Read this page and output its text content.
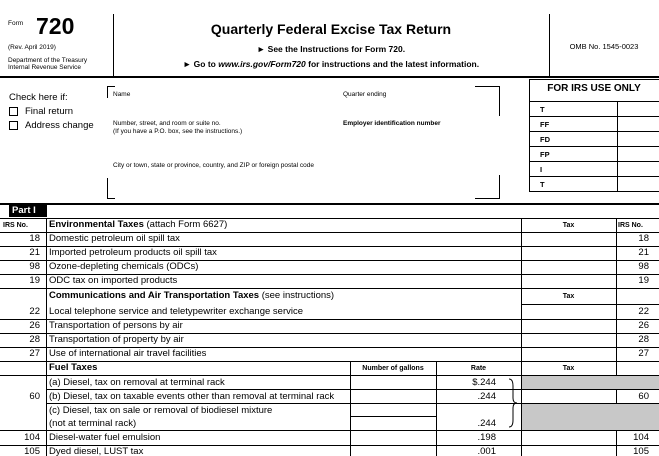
Form 720
(Rev. April 2019)
Department of the Treasury
Internal Revenue Service
Quarterly Federal Excise Tax Return
► See the Instructions for Form 720.
► Go to www.irs.gov/Form720 for instructions and the latest information.
OMB No. 1545-0023
Check here if:
Final return
Address change
Name	Quarter ending
Number, street, and room or suite no.
(If you have a P.O. box, see the instructions.)
Employer identification number
City or town, state or province, country, and ZIP or foreign postal code
FOR IRS USE ONLY
T
FF
FD
FP
I
T
Part I
IRS No. Environmental Taxes (attach Form 6627)	Tax	IRS No.
18 Domestic petroleum oil spill tax	18
21 Imported petroleum products oil spill tax	21
98 Ozone-depleting chemicals (ODCs)	98
19 ODC tax on imported products	19
Communications and Air Transportation Taxes (see instructions)	Tax
22 Local telephone service and teletypewriter exchange service	22
26 Transportation of persons by air	26
28 Transportation of property by air	28
27 Use of international air travel facilities	27
Fuel Taxes	Number of gallons	Rate	Tax
60	60
(a) Diesel, tax on removal at terminal rack	$.244
(b) Diesel, tax on taxable events other than removal at terminal rack	.244
(c) Diesel, tax on sale or removal of biodiesel mixture
(not at terminal rack)	.244
104 Diesel-water fuel emulsion	.198	104
105 Dyed diesel, LUST tax	.001	105
